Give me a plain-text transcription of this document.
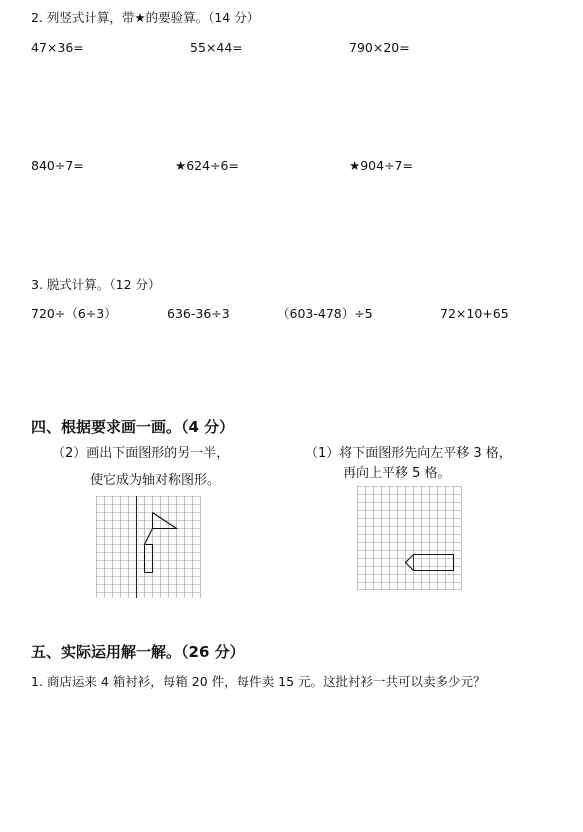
2. 列竖式计算，带★的要验算。（14 分）
47×36=	55×44=	790×20=
840÷7=	★624÷6=	★904÷7=
3. 脱式计算。（12 分）
720÷（6÷3）	636-36÷3	（603-478）÷5	72×10+65
四、根据要求画一画。（4 分）
（2）画出下面图形的另一半，
使它成为轴对称图形。
（1）将下面图形先向左平移 3 格，
再向上平移 5 格。
五、实际运用解一解。（26 分）
1. 商店运来 4 箱衬衫，每箱 20 件，每件卖 15 元。这批衬衫一共可以卖多少元？
